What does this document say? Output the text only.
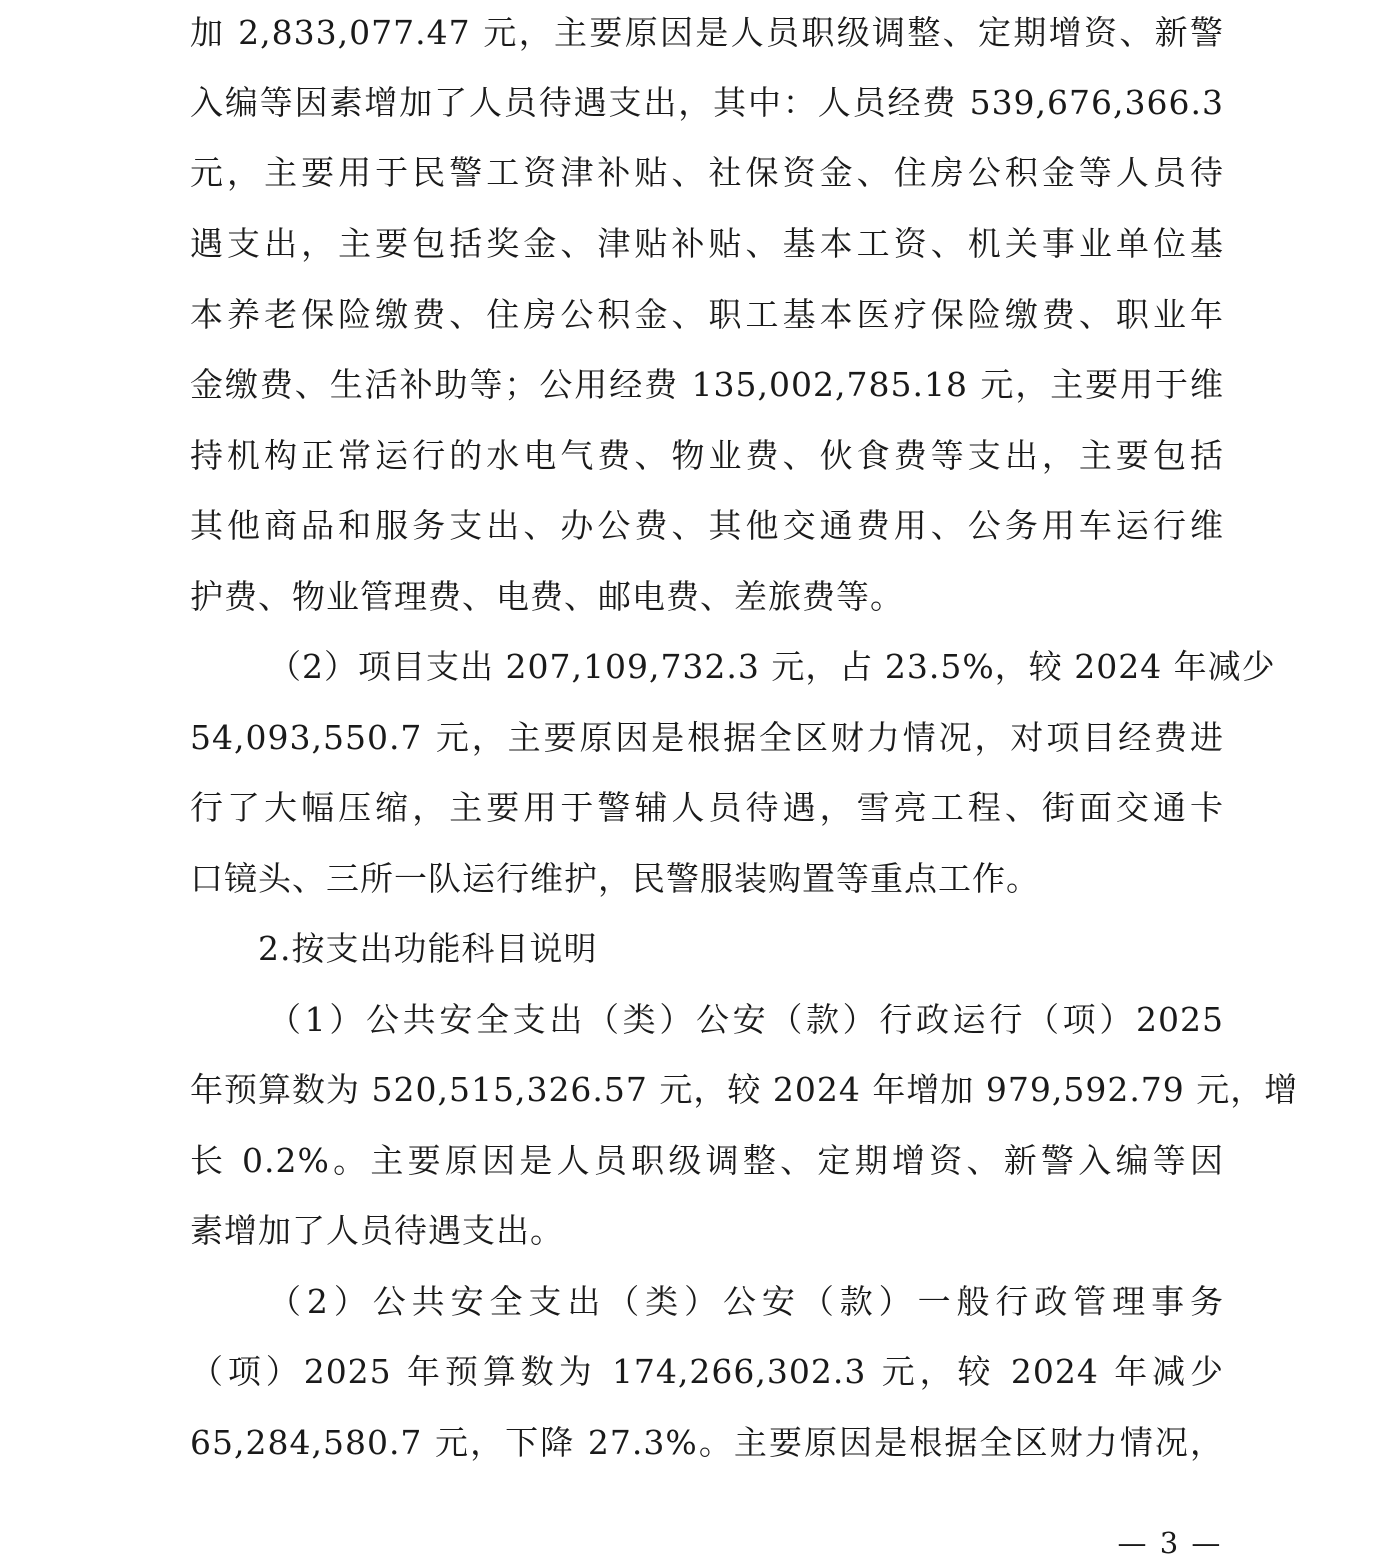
加 2,833,077.47 元，主要原因是人员职级调整、定期增资、新警
入编等因素增加了人员待遇支出，其中：人员经费 539,676,366.3
元，主要用于民警工资津补贴、社保资金、住房公积金等人员待
遇支出，主要包括奖金、津贴补贴、基本工资、机关事业单位基
本养老保险缴费、住房公积金、职工基本医疗保险缴费、职业年
金缴费、生活补助等；公用经费 135,002,785.18 元，主要用于维
持机构正常运行的水电气费、物业费、伙食费等支出，主要包括
其他商品和服务支出、办公费、其他交通费用、公务用车运行维
护费、物业管理费、电费、邮电费、差旅费等。
（2）项目支出 207,109,732.3 元，占 23.5%，较 2024 年减少
54,093,550.7 元，主要原因是根据全区财力情况，对项目经费进
行了大幅压缩，主要用于警辅人员待遇，雪亮工程、街面交通卡
口镜头、三所一队运行维护，民警服装购置等重点工作。
2.按支出功能科目说明
（1）公共安全支出（类）公安（款）行政运行（项）2025
年预算数为 520,515,326.57 元，较 2024 年增加 979,592.79 元，增
长 0.2%。主要原因是人员职级调整、定期增资、新警入编等因
素增加了人员待遇支出。
（2）公共安全支出（类）公安（款）一般行政管理事务
（项）2025 年预算数为 174,266,302.3 元，较 2024 年减少
65,284,580.7 元，下降 27.3%。主要原因是根据全区财力情况，
— 3 —
